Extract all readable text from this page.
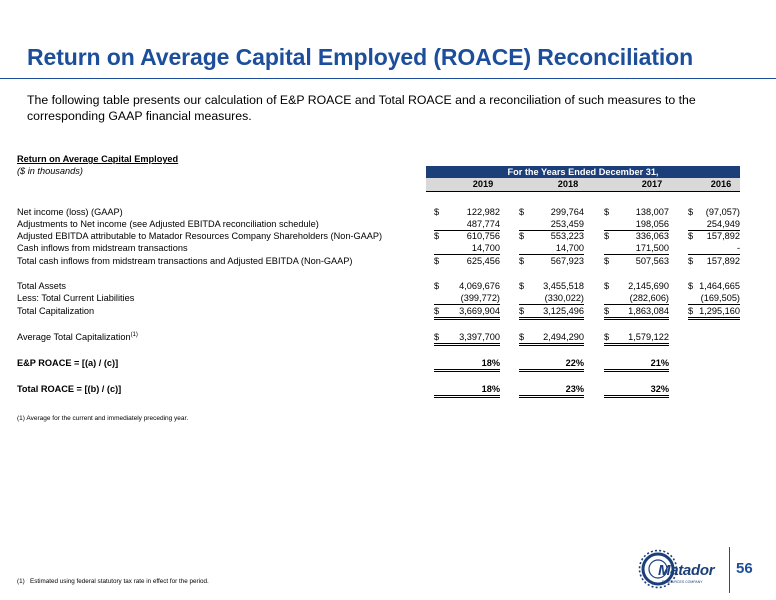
Return on Average Capital Employed (ROACE) Reconciliation
The following table presents our calculation of E&P ROACE and Total ROACE and a reconciliation of such measures to the corresponding GAAP financial measures.
Return on Average Capital Employed
($ in thousands)	For the Years Ended December 31,
2019	2018	2017	2016
Net income (loss) (GAAP)	$	122,982 $	299,764 $	138,007 $ (97,057)
Adjustments to Net income (see Adjusted EBITDA reconciliation schedule)	487,774	253,459	198,056	254,949
Adjusted EBITDA attributable to Matador Resources Company Shareholders (Non-GAAP)	$	610,756 $	553,223 $	336,063 $ 157,892
Cash inflows from midstream transactions	14,700	14,700	171,500	-
Total cash inflows from midstream transactions and Adjusted EBITDA (Non-GAAP)	$	625,456 $	567,923 $	507,563 $ 157,892
Total Assets	$ 4,069,676 $ 3,455,518 $ 2,145,690 $ 1,464,665
Less: Total Current Liabilities	(399,772)	(330,022)	(282,606)	(169,505)
Total Capitalization	$ 3,669,904 $ 3,125,496 $ 1,863,084 $ 1,295,160
Average Total Capitalization$^{(1)}$	$ 3,397,700 $ 2,494,290 $ 1,579,122
E&P ROACE = [(a) / (c)]	18%	22%	21%
Total ROACE = [(b) / (c)]	18%	23%	32%
(1) Average for the current and immediately preceding year.
(1) Estimated using federal statutory tax rate in effect for the period.
Matador
RESOURCES COMPANY
56
